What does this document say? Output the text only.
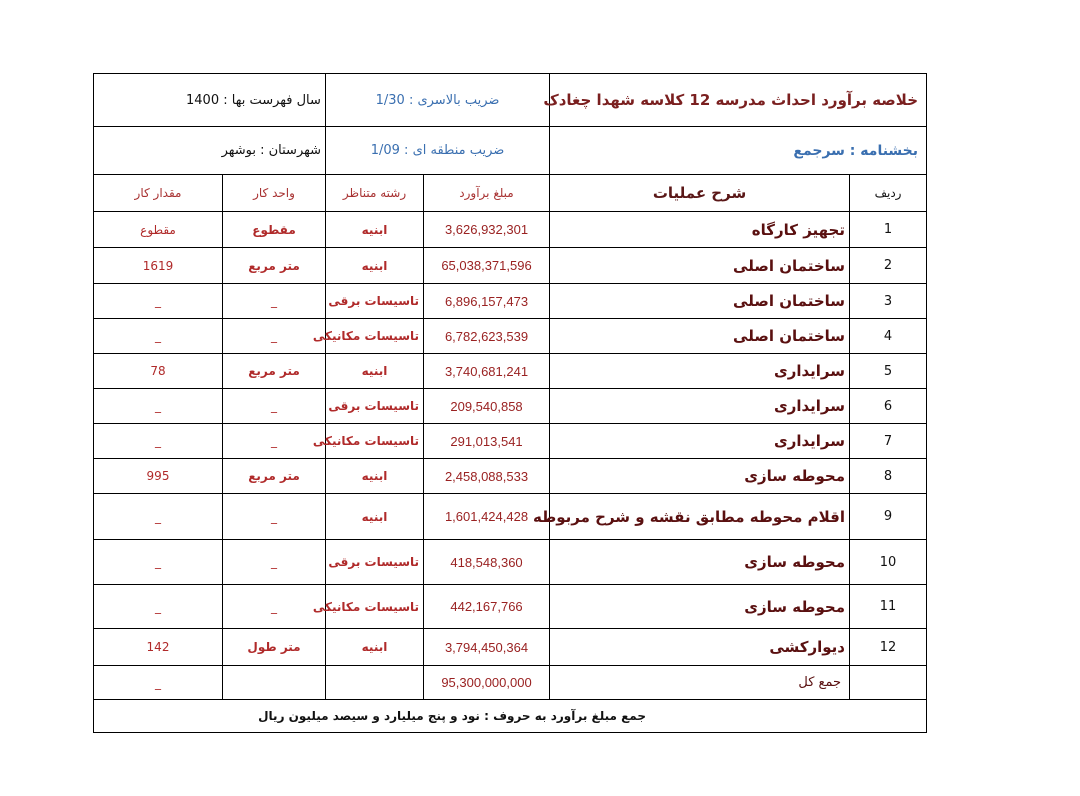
خلاصه برآورد احداث مدرسه 12 کلاسه شهدا چغادک		ضریب بالاسری : 1/30		سال فهرست بها : 1400	
بخشنامه : سرجمع		ضریب منطقه ای : 1/09		شهرستان : بوشهر	
ردیف	شرح عملیات	مبلغ برآورد	رشته متناظر	واحد کار	مقدار کار
1	تجهیز کارگاه	3,626,932,301	ابنیه	مقطوع	مقطوع
2	ساختمان اصلی	65,038,371,596	ابنیه	متر مربع	1619
3	ساختمان اصلی	6,896,157,473	تاسیسات برقی	_	_
4	ساختمان اصلی	6,782,623,539	تاسیسات مکانیکی	_	_
5	سرایداری	3,740,681,241	ابنیه	متر مربع	78
6	سرایداری	209,540,858	تاسیسات برقی	_	_
7	سرایداری	291,013,541	تاسیسات مکانیکی	_	_
8	محوطه سازی	2,458,088,533	ابنیه	متر مربع	995
9	اقلام محوطه مطابق نقشه و شرح مربوطه	1,601,424,428	ابنیه	_	_
10	محوطه سازی	418,548,360	تاسیسات برقی	_	_
11	محوطه سازی	442,167,766	تاسیسات مکانیکی	_	_
12	دیوارکشی	3,794,450,364	ابنیه	متر طول	142
	جمع کل	95,300,000,000			_
جمع مبلغ برآورد به حروف : نود و پنج میلیارد و سیصد میلیون ریال					
